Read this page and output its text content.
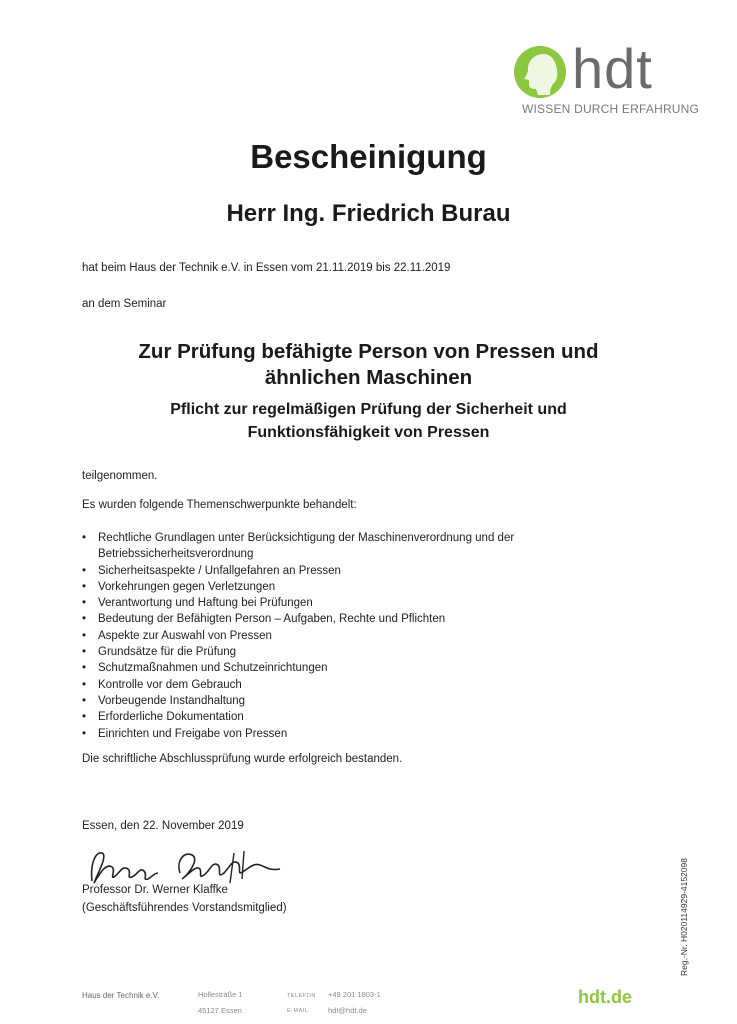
hdt
WISSEN DURCH ERFAHRUNG
Bescheinigung
Herr Ing. Friedrich Burau
hat beim Haus der Technik e.V. in Essen vom 21.11.2019 bis 22.11.2019
an dem Seminar
Zur Prüfung befähigte Person von Pressen und
ähnlichen Maschinen
Pflicht zur regelmäßigen Prüfung der Sicherheit und
Funktionsfähigkeit von Pressen
teilgenommen.
Es wurden folgende Themenschwerpunkte behandelt:
• Rechtliche Grundlagen unter Berücksichtigung der Maschinenverordnung und der Betriebssicherheitsverordnung
• Sicherheitsaspekte / Unfallgefahren an Pressen
• Vorkehrungen gegen Verletzungen
• Verantwortung und Haftung bei Prüfungen
• Bedeutung der Befähigten Person – Aufgaben, Rechte und Pflichten
• Aspekte zur Auswahl von Pressen
• Grundsätze für die Prüfung
• Schutzmaßnahmen und Schutzeinrichtungen
• Kontrolle vor dem Gebrauch
• Vorbeugende Instandhaltung
• Erforderliche Dokumentation
• Einrichten und Freigabe von Pressen
Die schriftliche Abschlussprüfung wurde erfolgreich bestanden.
Essen, den 22. November 2019
Professor Dr. Werner Klaffke
(Geschäftsführendes Vorstandsmitglied)	Reg.-Nr. H020114929-4152098
Haus der Technik e.V.	Hollestraße 1
45127 Essen
TELEFON
E-MAIL
+49 201 1803-1
hdt@hdt.de
hdt.de
